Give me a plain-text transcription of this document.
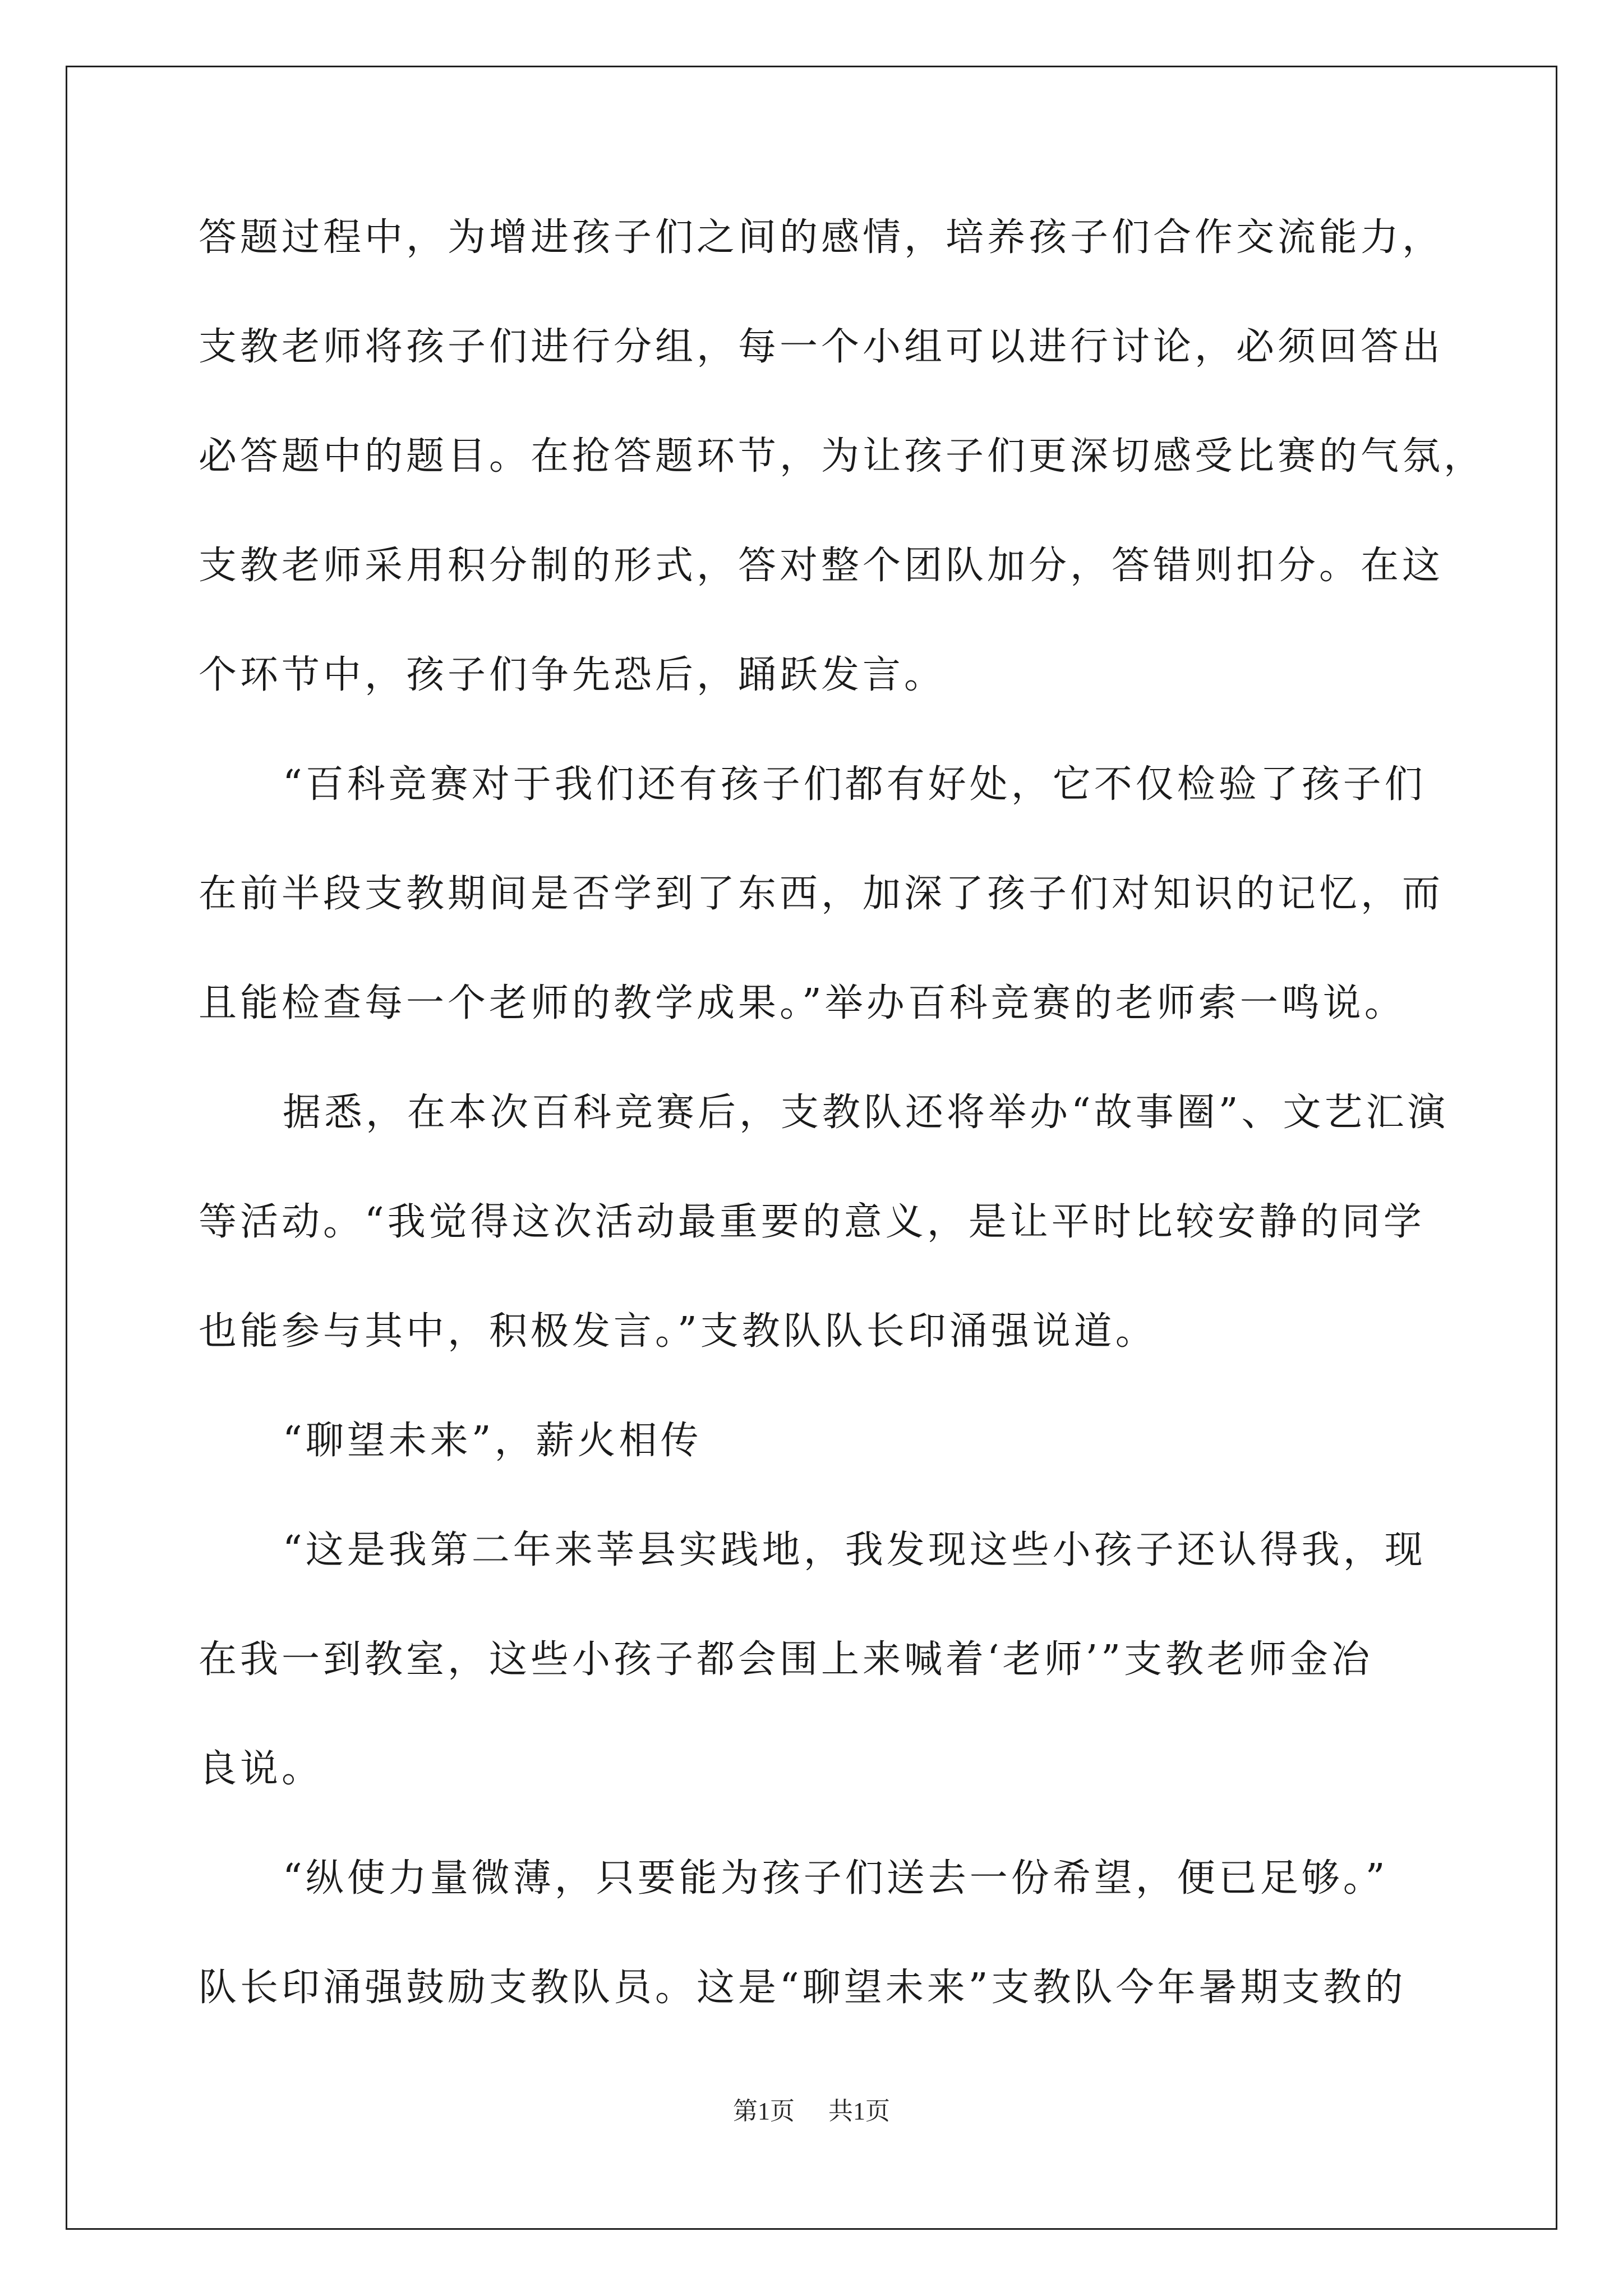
答题过程中，为增进孩子们之间的感情，培养孩子们合作交流能力，
支教老师将孩子们进行分组，每一个小组可以进行讨论，必须回答出
必答题中的题目。在抢答题环节，为让孩子们更深切感受比赛的气氛，
支教老师采用积分制的形式，答对整个团队加分，答错则扣分。在这
个环节中，孩子们争先恐后，踊跃发言。
“百科竞赛对于我们还有孩子们都有好处，它不仅检验了孩子们
在前半段支教期间是否学到了东西，加深了孩子们对知识的记忆，而
且能检查每一个老师的教学成果。”举办百科竞赛的老师索一鸣说。
据悉，在本次百科竞赛后，支教队还将举办“故事圈”、文艺汇演
等活动。“我觉得这次活动最重要的意义，是让平时比较安静的同学
也能参与其中，积极发言。”支教队队长印涌强说道。
“聊望未来”，薪火相传
“这是我第二年来莘县实践地，我发现这些小孩子还认得我，现
在我一到教室，这些小孩子都会围上来喊着‘老师’”支教老师金冶
良说。
“纵使力量微薄，只要能为孩子们送去一份希望，便已足够。”
队长印涌强鼓励支教队员。这是“聊望未来”支教队今年暑期支教的
第1页 共1页
